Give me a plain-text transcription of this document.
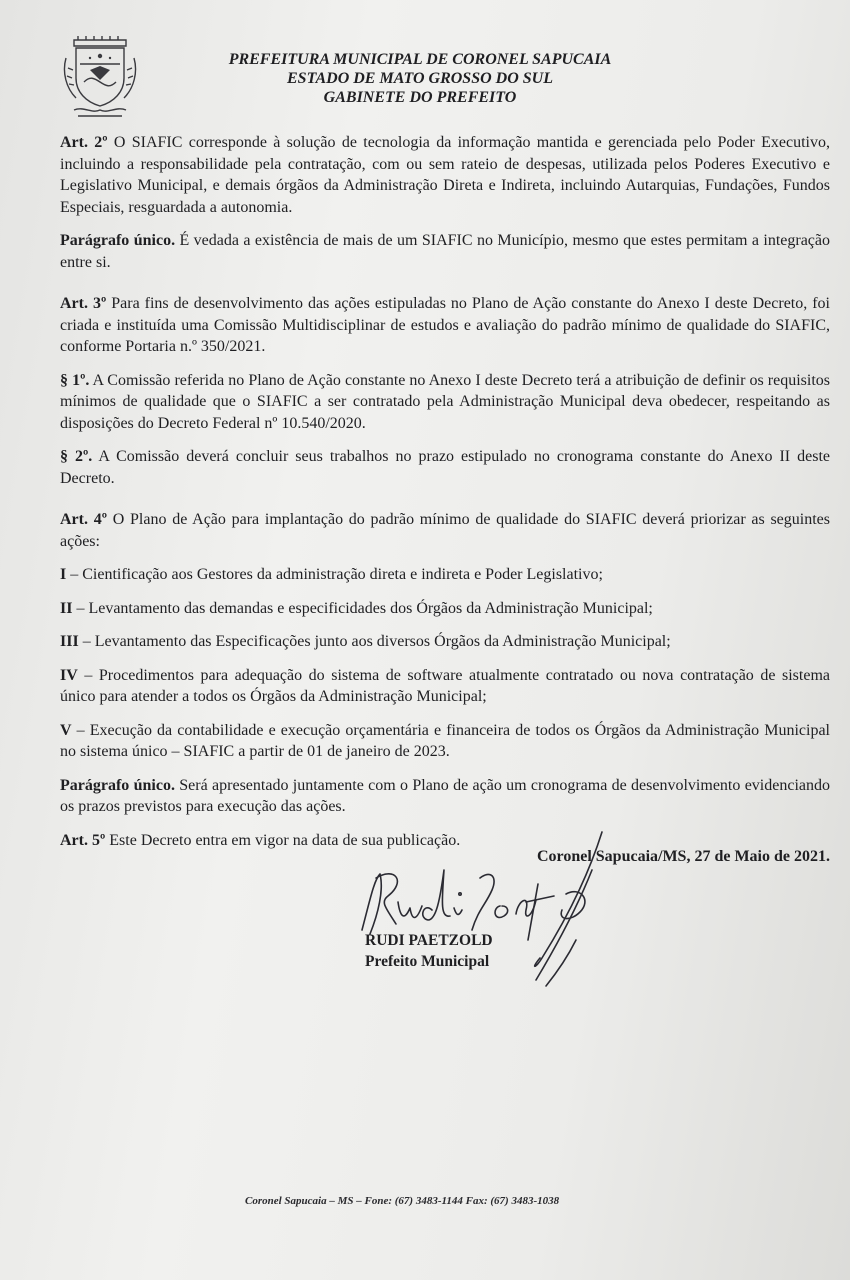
PREFEITURA MUNICIPAL DE CORONEL SAPUCAIA
ESTADO DE MATO GROSSO DO SUL
GABINETE DO PREFEITO

Art. 2º O SIAFIC corresponde à solução de tecnologia da informação mantida e gerenciada pelo Poder Executivo, incluindo a responsabilidade pela contratação, com ou sem rateio de despesas, utilizada pelos Poderes Executivo e Legislativo Municipal, e demais órgãos da Administração Direta e Indireta, incluindo Autarquias, Fundações, Fundos Especiais, resguardada a autonomia.

Parágrafo único. É vedada a existência de mais de um SIAFIC no Município, mesmo que estes permitam a integração entre si.

Art. 3º Para fins de desenvolvimento das ações estipuladas no Plano de Ação constante do Anexo I deste Decreto, foi criada e instituída uma Comissão Multidisciplinar de estudos e avaliação do padrão mínimo de qualidade do SIAFIC, conforme Portaria n.º 350/2021.

§ 1º. A Comissão referida no Plano de Ação constante no Anexo I deste Decreto terá a atribuição de definir os requisitos mínimos de qualidade que o SIAFIC a ser contratado pela Administração Municipal deva obedecer, respeitando as disposições do Decreto Federal nº 10.540/2020.

§ 2º. A Comissão deverá concluir seus trabalhos no prazo estipulado no cronograma constante do Anexo II deste Decreto.

Art. 4º O Plano de Ação para implantação do padrão mínimo de qualidade do SIAFIC deverá priorizar as seguintes ações:

I – Cientificação aos Gestores da administração direta e indireta e Poder Legislativo;

II – Levantamento das demandas e especificidades dos Órgãos da Administração Municipal;

III – Levantamento das Especificações junto aos diversos Órgãos da Administração Municipal;

IV – Procedimentos para adequação do sistema de software atualmente contratado ou nova contratação de sistema único para atender a todos os Órgãos da Administração Municipal;

V – Execução da contabilidade e execução orçamentária e financeira de todos os Órgãos da Administração Municipal no sistema único – SIAFIC a partir de 01 de janeiro de 2023.

Parágrafo único. Será apresentado juntamente com o Plano de ação um cronograma de desenvolvimento evidenciando os prazos previstos para execução das ações.

Art. 5º Este Decreto entra em vigor na data de sua publicação.

Coronel Sapucaia/MS, 27 de Maio de 2021.
RUDI PAETZOLD
Prefeito Municipal
Coronel Sapucaia – MS – Fone: (67) 3483-1144 Fax: (67) 3483-1038
